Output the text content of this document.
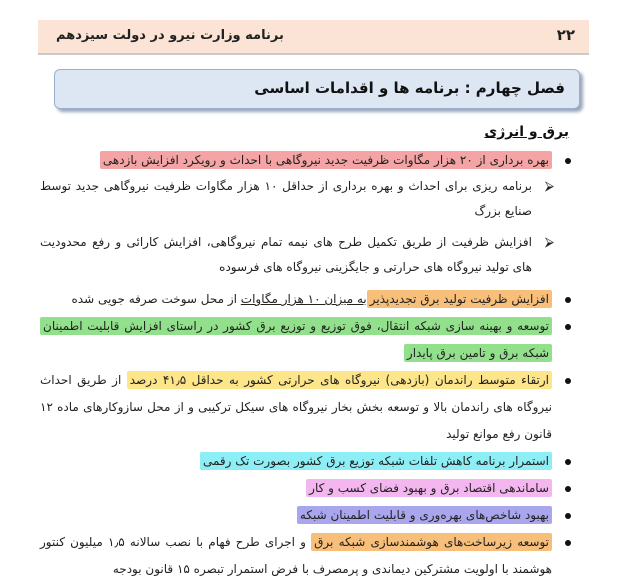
۲۲
برنامه وزارت نیرو در دولت سیزدهم
فصل چهارم : برنامه ها و اقدامات اساسی
برق و انرژی
بهره برداری از ۲۰ هزار مگاوات ظرفیت جدید نیروگاهی با احداث و رویکرد افزایش بازدهی
⮚
برنامه ریزی برای احداث و بهره برداری از حداقل ۱۰ هزار مگاوات ظرفیت نیروگاهی جدید توسط صنایع بزرگ
⮚
افزایش ظرفیت از طریق تکمیل طرح های نیمه تمام نیروگاهی، افزایش کارائی و رفع محدودیت های تولید نیروگاه های حرارتی و جایگزینی نیروگاه های فرسوده
افزایش ظرفیت تولید برق تجدیدپذیربه میزان ۱۰ هزار مگاوات از محل سوخت صرفه جویی شده
توسعه و بهینه سازی شبکه انتقال، فوق توزیع و توزیع برق کشور در راستای افزایش قابلیت اطمینان شبکه برق و تامین برق پایدار
ارتقاء متوسط راندمان (بازدهی) نیروگاه های حرارتی کشور به حداقل ۴۱٫۵ درصد از طریق احداث نیروگاه های راندمان بالا و توسعه بخش بخار نیروگاه های سیکل ترکیبی و از محل سازوکارهای ماده ۱۲ قانون رفع موانع تولید
استمرار برنامه کاهش تلفات شبکه توزیع برق کشور بصورت تک رقمی
ساماندهی اقتصاد برق و بهبود فضای کسب و کار
بهبود شاخص‌های بهره‌وری و قابلیت اطمینان شبکه
توسعه زیرساخت‌های هوشمندسازی شبکه برق و اجرای طرح فهام با نصب سالانه ۱٫۵ میلیون کنتور هوشمند با اولویت مشترکین دیماندی و پرمصرف با فرض استمرار تبصره ۱۵ قانون بودجه
